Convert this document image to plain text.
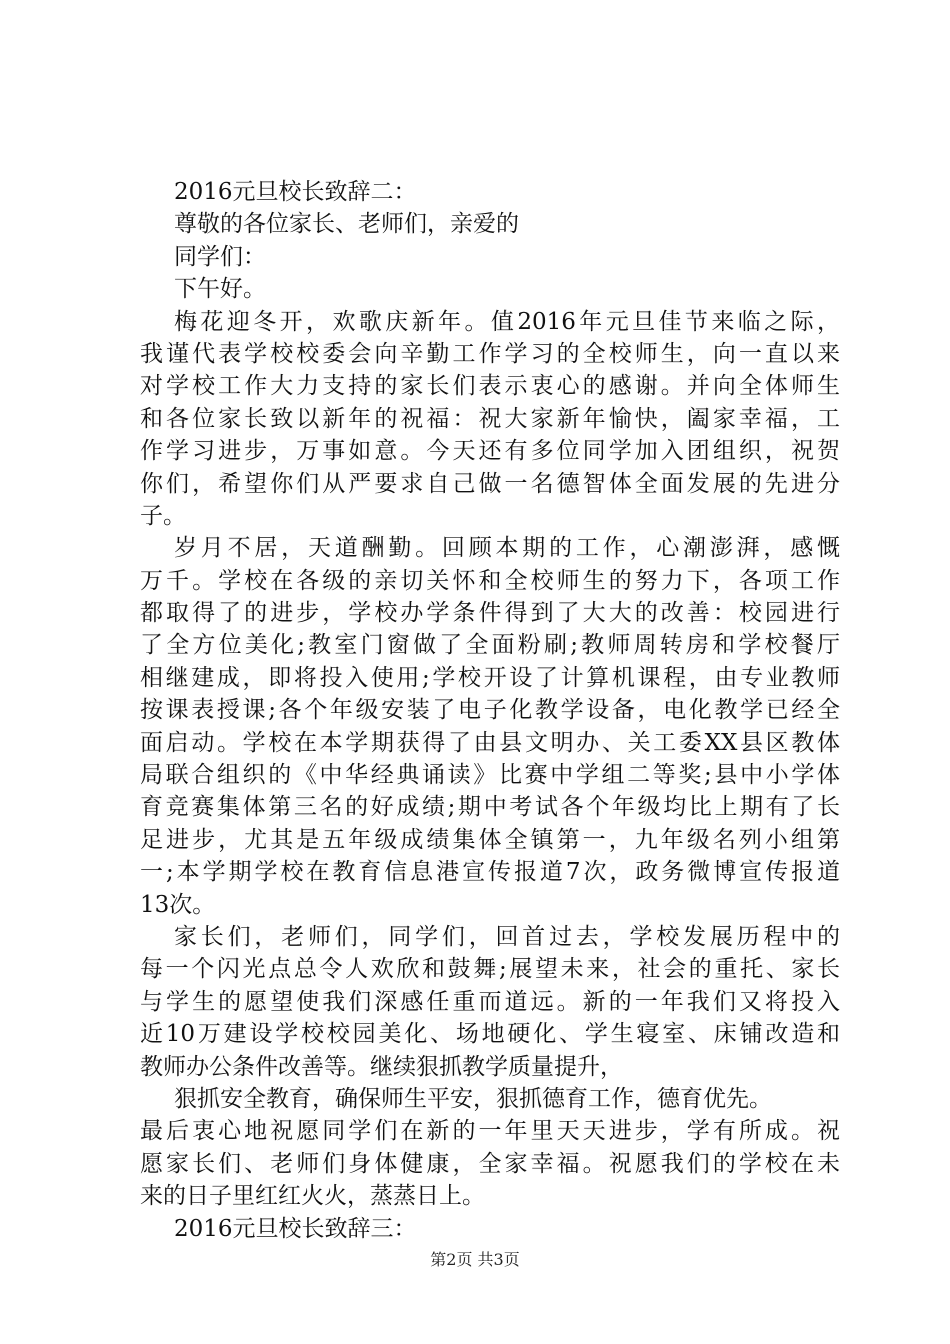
2016元旦校长致辞二：
尊敬的各位家长、老师们，亲爱的
同学们：
下午好。
梅花迎冬开，欢歌庆新年。值2016年元旦佳节来临之际，
我谨代表学校校委会向辛勤工作学习的全校师生，向一直以来
对学校工作大力支持的家长们表示衷心的感谢。并向全体师生
和各位家长致以新年的祝福：祝大家新年愉快，阖家幸福，工
作学习进步，万事如意。今天还有多位同学加入团组织，祝贺
你们，希望你们从严要求自己做一名德智体全面发展的先进分
子。
岁月不居，天道酬勤。回顾本期的工作，心潮澎湃，感慨
万千。学校在各级的亲切关怀和全校师生的努力下，各项工作
都取得了的进步，学校办学条件得到了大大的改善：校园进行
了全方位美化;教室门窗做了全面粉刷;教师周转房和学校餐厅
相继建成，即将投入使用;学校开设了计算机课程，由专业教师
按课表授课;各个年级安装了电子化教学设备，电化教学已经全
面启动。学校在本学期获得了由县文明办、关工委XX县区教体
局联合组织的《中华经典诵读》比赛中学组二等奖;县中小学体
育竞赛集体第三名的好成绩;期中考试各个年级均比上期有了长
足进步，尤其是五年级成绩集体全镇第一，九年级名列小组第
一;本学期学校在教育信息港宣传报道7次，政务微博宣传报道
13次。
家长们，老师们，同学们，回首过去，学校发展历程中的
每一个闪光点总令人欢欣和鼓舞;展望未来，社会的重托、家长
与学生的愿望使我们深感任重而道远。新的一年我们又将投入
近10万建设学校校园美化、场地硬化、学生寝室、床铺改造和
教师办公条件改善等。继续狠抓教学质量提升，
狠抓安全教育，确保师生平安，狠抓德育工作，德育优先。
最后衷心地祝愿同学们在新的一年里天天进步，学有所成。祝
愿家长们、老师们身体健康，全家幸福。祝愿我们的学校在未
来的日子里红红火火，蒸蒸日上。
2016元旦校长致辞三：
第2页 共3页
